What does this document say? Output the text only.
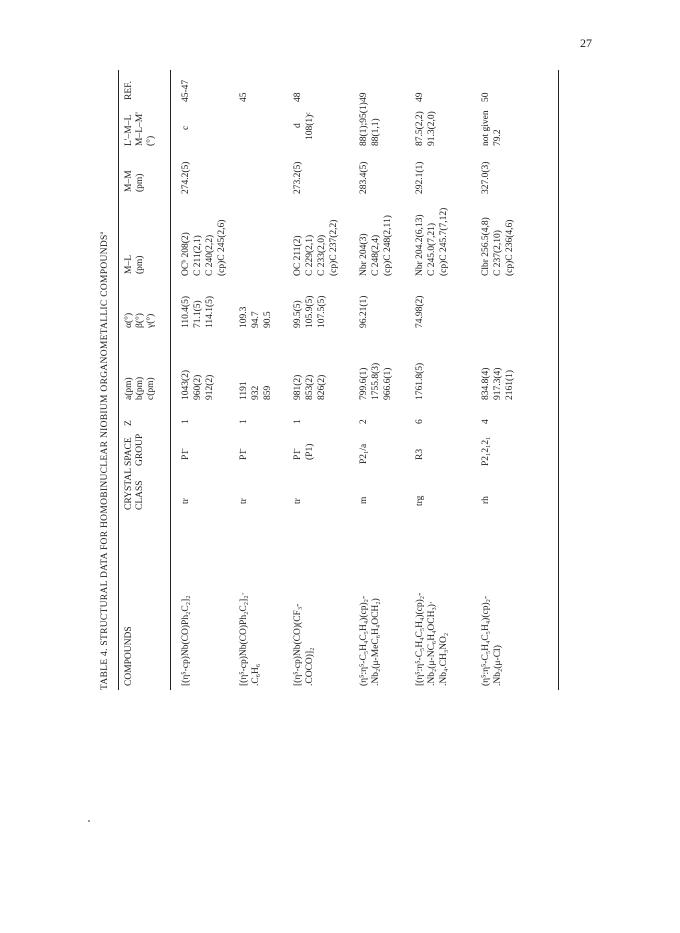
27
TABLE 4. STRUCTURAL DATA FOR HOMOBINUCLEAR NIOBIUM ORGANOMETALLIC COMPOUNDSª COMPOUNDS
CRYSTAL CLASS
SPACE GROUP
Z
a(pm) b(pm) c(pm)
α(°) β(°) γ(°)
M–L (pm)
M–M (pm)
L'–M–L M–L–M' (°)
REF.
[(η⁵-cp)Nb(CO)Ph₂C₂]₂
tr
P1̄
1
1043(2) 960(2) 912(2)
110.4(5) 71.1(5) 114.1(5)
OCᵇ 208(2) C 211(2,1) C 240(2,2) (cp)C 245(2,6)
274.2(5)
c
45-47
[(η⁵-cp)Nb(CO)Ph₂C₂]₂· .C₆H₆
tr
P1̄
1
1191 932 859
109.3 94.7 90.5
45
[(η⁵-cp)Nb(CO)(CF₃- .COCO)]₂
tr
P1̄ (P1)
1
981(2) 853(2) 826(2)
99.5(5) 105.9(5) 107.5(5)
OC 211(2) C 229(2,1) C 233(2,0) (cp)C 237(2,2)
273.2(5)
d 108(1)ᶜ
48
(η⁵:η⁵-C₅H₄C₅H₄)(cp)₂- .Nb₂(μ-MeC₆H₄OCH₂)
m
P2₁/a
2
799.6(1) 1755.8(3) 966.6(1)
96.21(1)
Nbr 204(3) C 248(2,4) (cp)C 248(2,11)
283.4(5)
88(1);95(1) 88(1,1)
49
[(η⁵:η⁵-C₅H₄C₅H₄)(cp)₂- .Nb₂(μ-NC₆H₄OCH₃)· .Nb₄.CH₃NO₂
trg
R3
6
1761.8(5)
74.98(2)
Nbr 204.2(6,13) C 245.0(7,21) (cp)C 245.7(7,12)
292.1(1)
87.5(2,2) 91.3(2,0)
49
(η⁵:η⁵-C₅H₄C₅H₄)(cp)₂- .Nb₂(μ-Cl)
rh
P2₁2₁2₁
4
834.8(4) 917.3(4) 2161(1)
Clbr 256.5(4,8) C 237(2,10) (cp)C 236(4,6)
327.0(3)
not given 79.2
50
